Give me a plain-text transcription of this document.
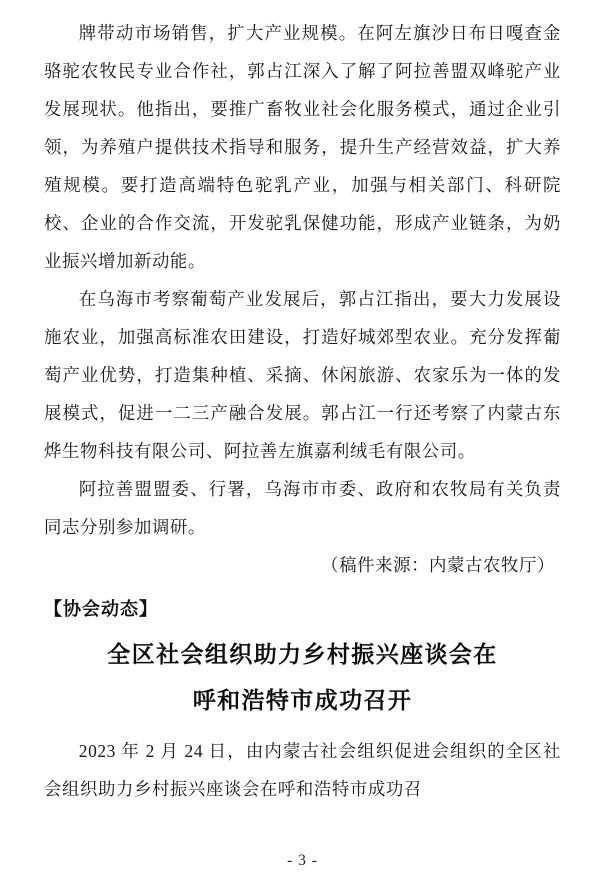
牌带动市场销售，扩大产业规模。在阿左旗沙日布日嘎查金骆驼农牧民专业合作社，郭占江深入了解了阿拉善盟双峰驼产业发展现状。他指出，要推广畜牧业社会化服务模式，通过企业引领，为养殖户提供技术指导和服务，提升生产经营效益，扩大养殖规模。要打造高端特色驼乳产业，加强与相关部门、科研院校、企业的合作交流，开发驼乳保健功能，形成产业链条，为奶业振兴增加新动能。

在乌海市考察葡萄产业发展后，郭占江指出，要大力发展设施农业，加强高标准农田建设，打造好城郊型农业。充分发挥葡萄产业优势，打造集种植、采摘、休闲旅游、农家乐为一体的发展模式，促进一二三产融合发展。郭占江一行还考察了内蒙古东烨生物科技有限公司、阿拉善左旗嘉利绒毛有限公司。

阿拉善盟盟委、行署，乌海市市委、政府和农牧局有关负责同志分别参加调研。

（稿件来源：内蒙古农牧厅）

【协会动态】

全区社会组织助力乡村振兴座谈会在
呼和浩特市成功召开

2023 年 2 月 24 日，由内蒙古社会组织促进会组织的全区社会组织助力乡村振兴座谈会在呼和浩特市成功召

- 3 -
